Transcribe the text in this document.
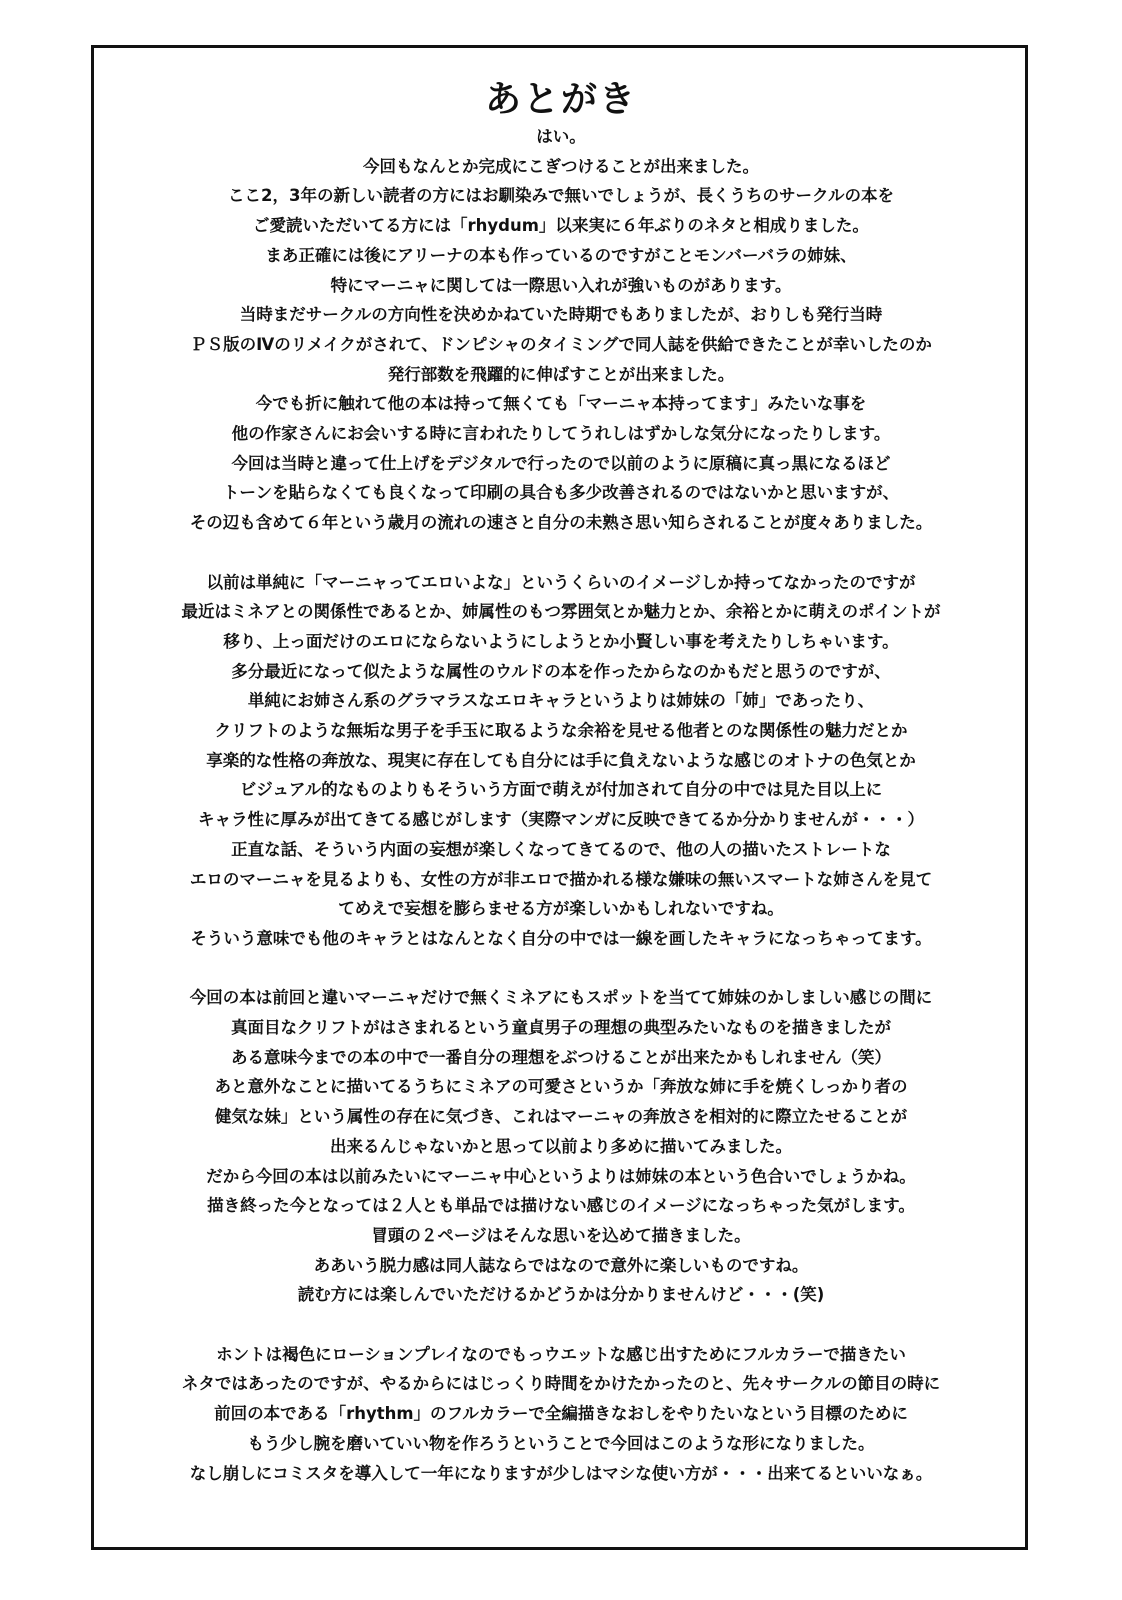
あとがき
はい。
今回もなんとか完成にこぎつけることが出来ました。
ここ2，3年の新しい読者の方にはお馴染みで無いでしょうが、長くうちのサークルの本を
ご愛読いただいてる方には「rhydum」以来実に６年ぶりのネタと相成りました。
まあ正確には後にアリーナの本も作っているのですがことモンバーバラの姉妹、
特にマーニャに関しては一際思い入れが強いものがあります。
当時まだサークルの方向性を決めかねていた時期でもありましたが、おりしも発行当時
ＰＳ版のⅣのリメイクがされて、ドンピシャのタイミングで同人誌を供給できたことが幸いしたのか
発行部数を飛躍的に伸ばすことが出来ました。
今でも折に触れて他の本は持って無くても「マーニャ本持ってます」みたいな事を
他の作家さんにお会いする時に言われたりしてうれしはずかしな気分になったりします。
今回は当時と違って仕上げをデジタルで行ったので以前のように原稿に真っ黒になるほど
トーンを貼らなくても良くなって印刷の具合も多少改善されるのではないかと思いますが、
その辺も含めて６年という歳月の流れの速さと自分の未熟さ思い知らされることが度々ありました。
以前は単純に「マーニャってエロいよな」というくらいのイメージしか持ってなかったのですが
最近はミネアとの関係性であるとか、姉属性のもつ雰囲気とか魅力とか、余裕とかに萌えのポイントが
移り、上っ面だけのエロにならないようにしようとか小賢しい事を考えたりしちゃいます。
多分最近になって似たような属性のウルドの本を作ったからなのかもだと思うのですが、
単純にお姉さん系のグラマラスなエロキャラというよりは姉妹の「姉」であったり、
クリフトのような無垢な男子を手玉に取るような余裕を見せる他者とのな関係性の魅力だとか
享楽的な性格の奔放な、現実に存在しても自分には手に負えないような感じのオトナの色気とか
ビジュアル的なものよりもそういう方面で萌えが付加されて自分の中では見た目以上に
キャラ性に厚みが出てきてる感じがします（実際マンガに反映できてるか分かりませんが・・・）
正直な話、そういう内面の妄想が楽しくなってきてるので、他の人の描いたストレートな
エロのマーニャを見るよりも、女性の方が非エロで描かれる様な嫌味の無いスマートな姉さんを見て
てめえで妄想を膨らませる方が楽しいかもしれないですね。
そういう意味でも他のキャラとはなんとなく自分の中では一線を画したキャラになっちゃってます。
今回の本は前回と違いマーニャだけで無くミネアにもスポットを当てて姉妹のかしましい感じの間に
真面目なクリフトがはさまれるという童貞男子の理想の典型みたいなものを描きましたが
ある意味今までの本の中で一番自分の理想をぶつけることが出来たかもしれません（笑）
あと意外なことに描いてるうちにミネアの可愛さというか「奔放な姉に手を焼くしっかり者の
健気な妹」という属性の存在に気づき、これはマーニャの奔放さを相対的に際立たせることが
出来るんじゃないかと思って以前より多めに描いてみました。
だから今回の本は以前みたいにマーニャ中心というよりは姉妹の本という色合いでしょうかね。
描き終った今となっては２人とも単品では描けない感じのイメージになっちゃった気がします。
冒頭の２ページはそんな思いを込めて描きました。
ああいう脱力感は同人誌ならではなので意外に楽しいものですね。
読む方には楽しんでいただけるかどうかは分かりませんけど・・・(笑)
ホントは褐色にローションプレイなのでもっウエットな感じ出すためにフルカラーで描きたい
ネタではあったのですが、やるからにはじっくり時間をかけたかったのと、先々サークルの節目の時に
前回の本である「rhythm」のフルカラーで全編描きなおしをやりたいなという目標のために
もう少し腕を磨いていい物を作ろうということで今回はこのような形になりました。
なし崩しにコミスタを導入して一年になりますが少しはマシな使い方が・・・出来てるといいなぁ。
